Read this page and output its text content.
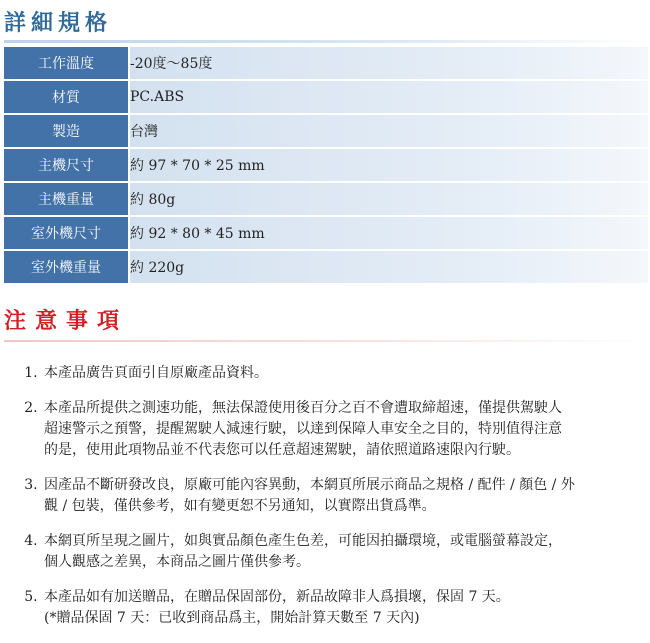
詳細規格
工作溫度	-20度～85度
材質	PC.ABS
製造	台灣
主機尺寸	約 97 * 70 * 25 mm
主機重量	約 80g
室外機尺寸	約 92 * 80 * 45 mm
室外機重量	約 220g
注意事項
1. 本產品廣告頁面引自原廠產品資料。
2. 本產品所提供之測速功能，無法保證使用後百分之百不會遭取締超速，僅提供駕駛人
超速警示之預警，提醒駕駛人減速行駛，以達到保障人車安全之目的，特別值得注意
的是，使用此項物品並不代表您可以任意超速駕駛，請依照道路速限內行駛。
3. 因產品不斷研發改良，原廠可能內容異動，本網頁所展示商品之規格 / 配件 / 顏色 / 外
觀 / 包裝，僅供參考，如有變更恕不另通知，以實際出貨爲準。
4. 本網頁所呈現之圖片，如與實品顏色產生色差，可能因拍攝環境，或電腦螢幕設定，
個人觀感之差異，本商品之圖片僅供參考。
5. 本產品如有加送贈品，在贈品保固部份，新品故障非人爲損壞，保固 7 天。
(*贈品保固 7 天：已收到商品爲主，開始計算天數至 7 天內)
